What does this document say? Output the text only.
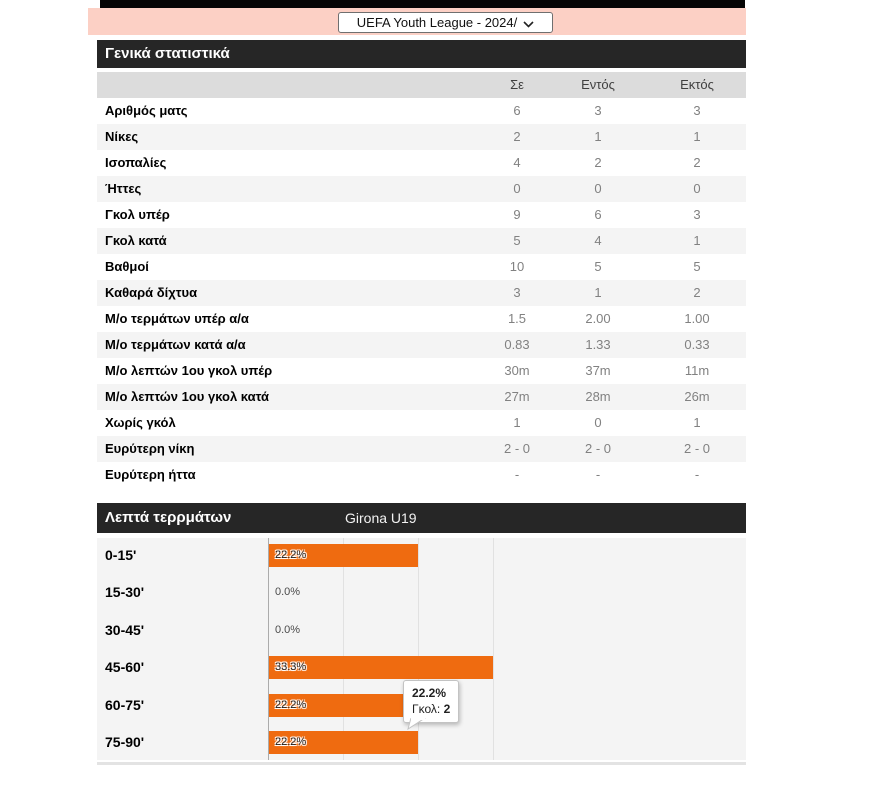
UEFA Youth League - 2024/
Γενικά στατιστικά
Σε	Εντός	Εκτός
Αριθμός ματς	6	3	3
Νίκες	2	1	1
Ισοπαλίες	4	2	2
Ήττες	0	0	0
Γκολ υπέρ	9	6	3
Γκολ κατά	5	4	1
Βαθμοί	10	5	5
Καθαρά δίχτυα	3	1	2
Μ/ο τερμάτων υπέρ α/α	1.5	2.00	1.00
Μ/ο τερμάτων κατά α/α	0.83	1.33	0.33
Μ/ο λεπτών 1ου γκολ υπέρ	30m	37m	11m
Μ/ο λεπτών 1ου γκολ κατά	27m	28m	26m
Χωρίς γκόλ	1	0	1
Ευρύτερη νίκη	2 - 0	2 - 0	2 - 0
Ευρύτερη ήττα	-	-	-
Λεπτά τερρμάτων	Girona U19
22.2%
Γκολ: 2
0-15'	22.2%
15-30'	0.0%
30-45'	0.0%
45-60'	33.3%
60-75'	22.2%
75-90'	22.2%
